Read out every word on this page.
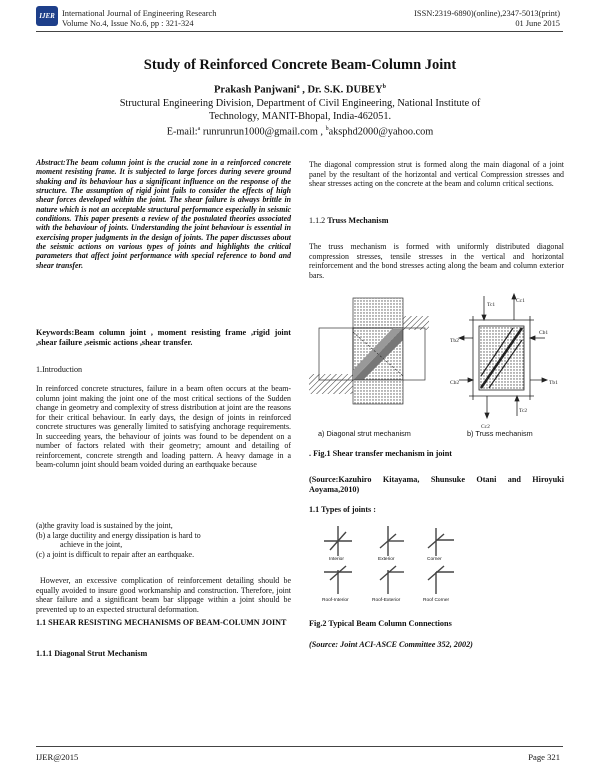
IJER International Journal of Engineering Research
Volume No.4, Issue No.6, pp : 321-324
ISSN:2319-6890)(online),2347-5013(print)
01 June 2015
Study of Reinforced Concrete Beam-Column Joint
Prakash Panjwani$^a$ , Dr. S.K. DUBEY$^b$
Structural Engineering Division, Department of Civil Engineering, National Institute of
Technology, MANIT-Bhopal, India-462051.
E-mail:$^a$ runrunrun1000@gmail.com , $^b$aksphd2000@yahoo.com
Abstract:The beam column joint is the crucial zone in a reinforced concrete moment resisting frame. It is subjected to large forces during severe ground shaking and its behaviour has a significant influence on the response of the structure. The assumption of rigid joint fails to consider the effects of high shear forces developed within the joint. The shear failure is always brittle in nature which is not an acceptable structural performance especially in seismic conditions. This paper presents a review of the postulated theories associated with the behaviour of joints. Understanding the joint behaviour is essential in exercising proper judgments in the design of joints. The paper discusses about the seismic actions on various types of joints and highlights the critical parameters that affect joint performance with special reference to bond and shear transfer.
Keywords:Beam column joint , moment resisting frame ,rigid joint ,shear failure ,seismic actions ,shear transfer.
1.Introduction
In reinforced concrete structures, failure in a beam often occurs at the beam-column joint making the joint one of the most critical sections of the Sudden change in geometry and complexity of stress distribution at joint are the reasons for their critical behaviour. In early days, the design of joints in reinforced concrete structures was generally limited to satisfying anchorage requirements. In succeeding years, the behaviour of joints was found to be dependent on a number of factors related with their geometry; amount and detailing of reinforcement, concrete strength and loading pattern. A heavy damage in a beam-column joint should beam voided during an earthquake because
(a)the gravity load is sustained by the joint,
(b) a large ductility and energy dissipation is hard to
achieve in the joint,
(c) a joint is difficult to repair after an earthquake.
However, an excessive complication of reinforcement detailing should be equally avoided to insure good workmanship and construction. Therefore, joint shear failure and a significant beam bar slippage within a joint should be prevented up to an expected structural deformation.
1.1 SHEAR RESISTING MECHANISMS OF BEAM-COLUMN JOINT
1.1.1 Diagonal Strut Mechanism
The diagonal compression strut is formed along the main diagonal of a joint panel by the resultant of the horizontal and vertical Compression stresses and shear stresses acting on the concrete at the beam and column critical sections.
1.1.2 Truss Mechanism
The truss mechanism is formed with uniformly distributed diagonal compression stresses, tensile stresses in the vertical and horizontal reinforcement and the bond stresses acting along the beam and column exterior bars.
Tc1
Cc1
Tb2
Cb1
Cb2	Tb1
Cc2
Tc2
a) Diagonal strut mechanism	b) Truss mechanism
. Fig.1 Shear transfer mechanism in joint
(Source:Kazuhiro Kitayama, Shunsuke Otani and Hiroyuki Aoyama,2010)
1.1 Types of joints :
Interior	Exterior	Corner
Roof-Interior	Roof-Exterior	Roof Corner
Fig.2 Typical Beam Column Connections
(Source: Joint ACI-ASCE Committee 352, 2002)
IJER@2015	Page 321
